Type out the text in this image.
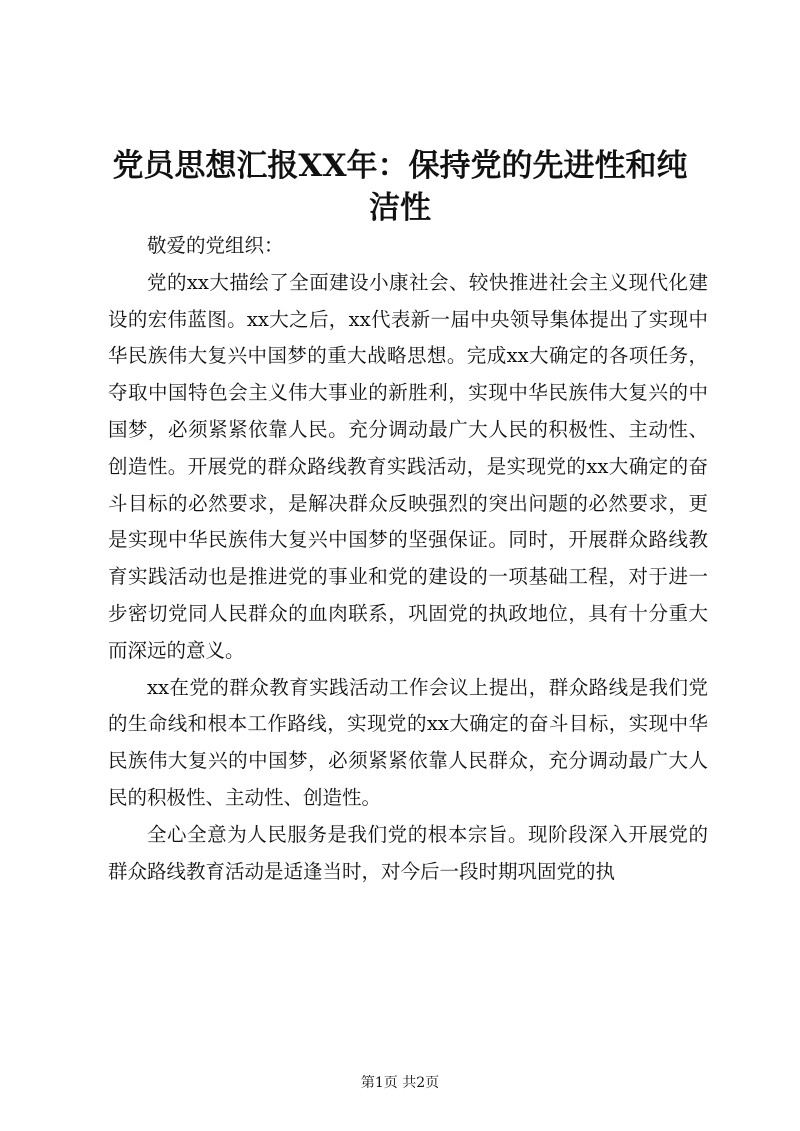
党员思想汇报XX年：保持党的先进性和纯洁性

敬爱的党组织：

党的xx大描绘了全面建设小康社会、较快推进社会主义现代化建设的宏伟蓝图。xx大之后，xx代表新一届中央领导集体提出了实现中华民族伟大复兴中国梦的重大战略思想。完成xx大确定的各项任务，夺取中国特色会主义伟大事业的新胜利，实现中华民族伟大复兴的中国梦，必须紧紧依靠人民。充分调动最广大人民的积极性、主动性、创造性。开展党的群众路线教育实践活动，是实现党的xx大确定的奋斗目标的必然要求，是解决群众反映强烈的突出问题的必然要求，更是实现中华民族伟大复兴中国梦的坚强保证。同时，开展群众路线教育实践活动也是推进党的事业和党的建设的一项基础工程，对于进一步密切党同人民群众的血肉联系，巩固党的执政地位，具有十分重大而深远的意义。

xx在党的群众教育实践活动工作会议上提出，群众路线是我们党的生命线和根本工作路线，实现党的xx大确定的奋斗目标，实现中华民族伟大复兴的中国梦，必须紧紧依靠人民群众，充分调动最广大人民的积极性、主动性、创造性。

全心全意为人民服务是我们党的根本宗旨。现阶段深入开展党的群众路线教育活动是适逢当时，对今后一段时期巩固党的执

第1页 共2页
